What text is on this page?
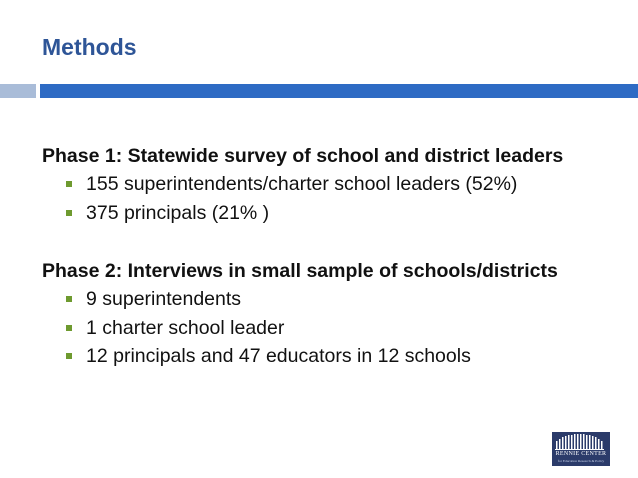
Methods

Phase 1: Statewide survey of school and district leaders

155 superintendents/charter school leaders (52%)
375 principals (21% )

Phase 2: Interviews in small sample of schools/districts

9 superintendents
1 charter school leader
12 principals and 47 educators in 12 schools
RENNIE CENTER
for Education Research & Policy
